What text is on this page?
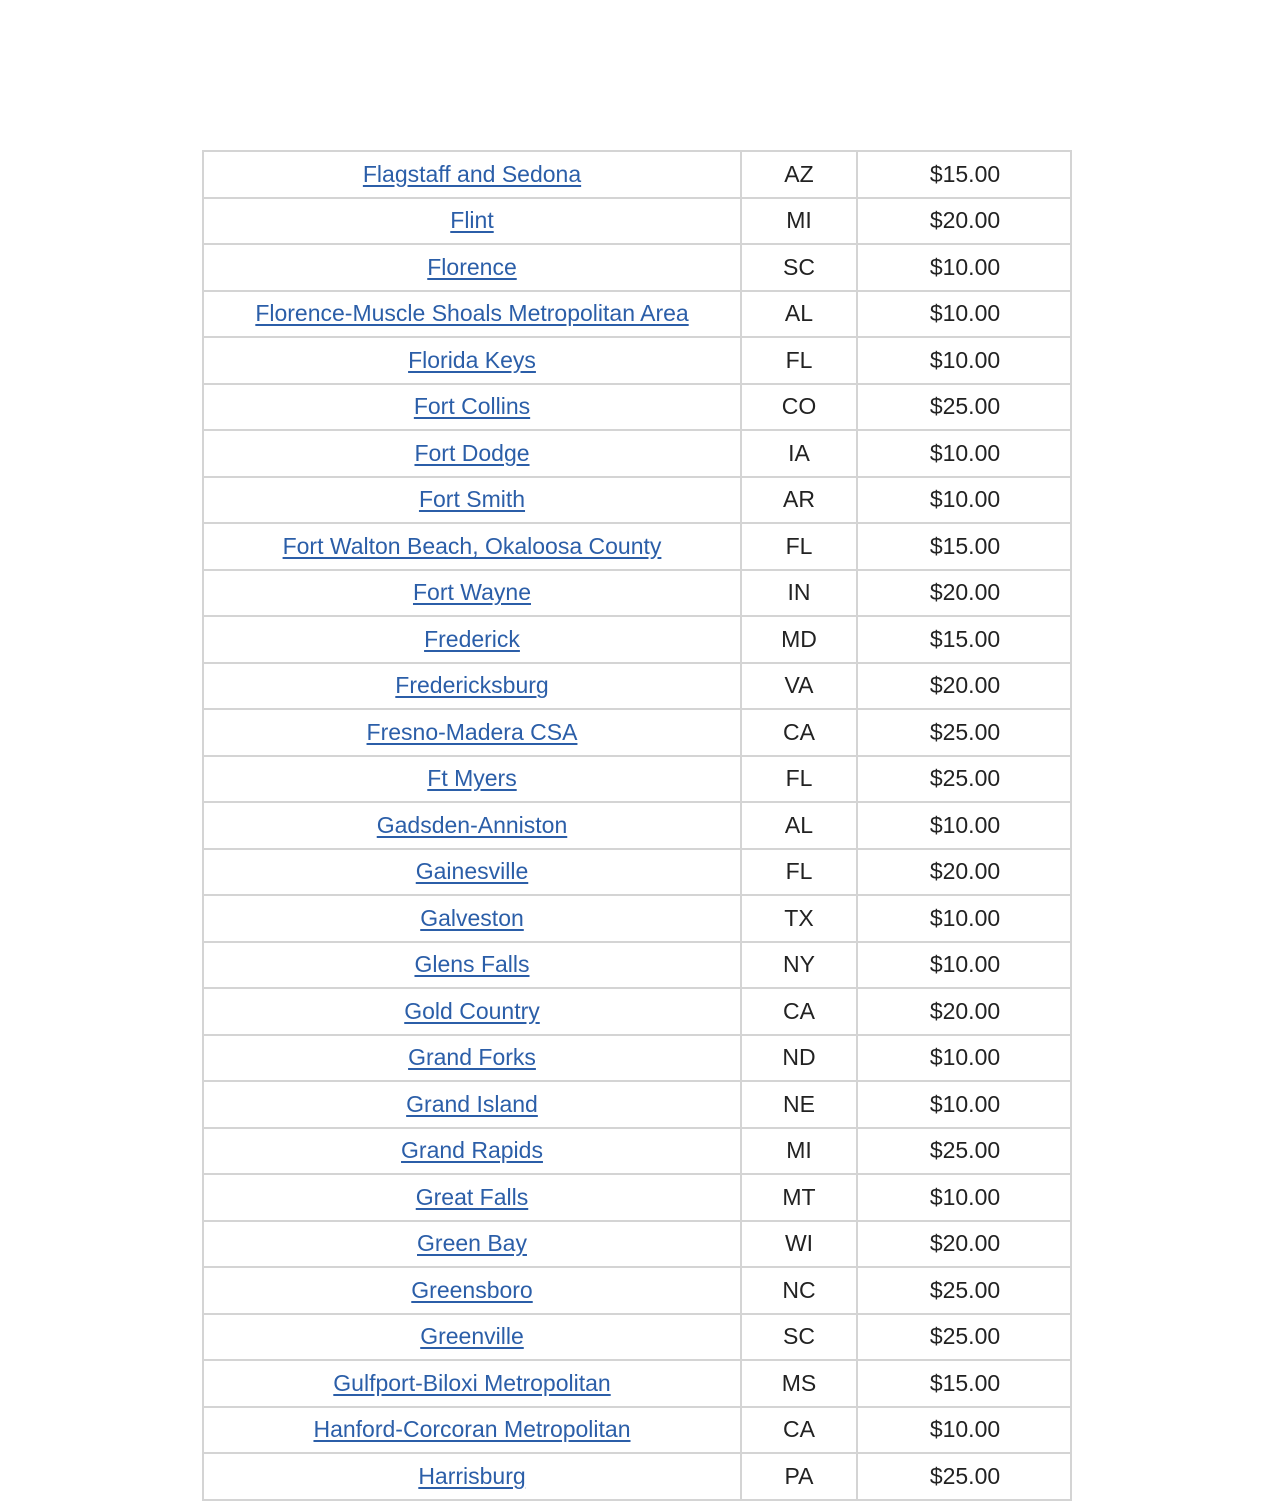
Flagstaff and Sedona	AZ	$15.00
Flint	MI	$20.00
Florence	SC	$10.00
Florence-Muscle Shoals Metropolitan Area	AL	$10.00
Florida Keys	FL	$10.00
Fort Collins	CO	$25.00
Fort Dodge	IA	$10.00
Fort Smith	AR	$10.00
Fort Walton Beach, Okaloosa County	FL	$15.00
Fort Wayne	IN	$20.00
Frederick	MD	$15.00
Fredericksburg	VA	$20.00
Fresno-Madera CSA	CA	$25.00
Ft Myers	FL	$25.00
Gadsden-Anniston	AL	$10.00
Gainesville	FL	$20.00
Galveston	TX	$10.00
Glens Falls	NY	$10.00
Gold Country	CA	$20.00
Grand Forks	ND	$10.00
Grand Island	NE	$10.00
Grand Rapids	MI	$25.00
Great Falls	MT	$10.00
Green Bay	WI	$20.00
Greensboro	NC	$25.00
Greenville	SC	$25.00
Gulfport-Biloxi Metropolitan	MS	$15.00
Hanford-Corcoran Metropolitan	CA	$10.00
Harrisburg	PA	$25.00
